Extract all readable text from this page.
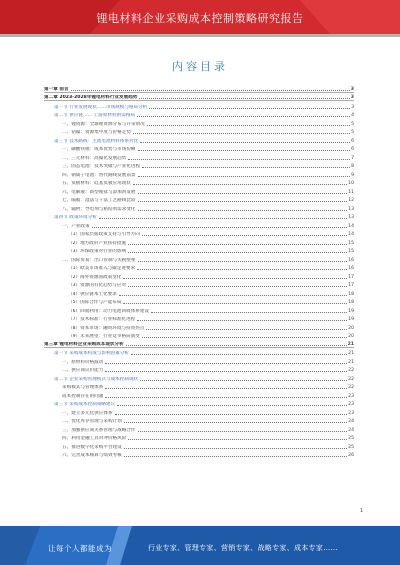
锂电材料企业采购成本控制策略研究报告
内容目录
第一章 前言	3
第二章 2023-2028年锂电材料行业发展趋势	3
第一节 行业发展现状……市场规模与格局分析	3
第二节 供应链…… 上游原材料供需格局	4
一、锂资源：全球锂资源分布与开采情况	5
二、钴镍：资源集中度与价格走势	5
第三节 技术路线：主流电池材料体系对比	6
一、磷酸铁锂：成本优势与市场份额	6
二、三元材料：高镍化发展趋势	7
三、固态电池：技术突破与产业化进程	8
四、钠离子电池：替代路线发展前景	9
五、负极材料：硅基负极应用现状	10
六、电解液：新型锂盐与添加剂发展	11
七、隔膜：湿法与干法工艺路线比较	12
八、辅材：导电剂与粘结剂需求变化	13
第四节 政策环境分析	13
一、产业政策	14
（1）国家层面政策支持与引导方向	14
（2）地方政府产业扶持措施	15
（3）环保政策对行业的影响	15
二、国际贸易：出口管制与关税壁垒	16
（1）欧美市场准入与碳足迹要求	16
（2）海外资源国政策变化	17
（3）资源国有化趋势与应对	17
（4）供应链本土化要求	18
（5）国际合作与产能布局	18
（6）回收利用：动力电池回收体系建设	19
（7）技术标准：行业标准化进程	19
（8）资本市场：融资环境与投资热点	20
（9）未来展望：行业竞争格局演变	20
第三章 锂电材料企业采购成本现状分析	21
第一节 采购成本构成与影响因素分析	21
一、原材料价格波动	21
二、供应商议价能力	22
第二节 企业采购管理模式与成本控制现状	22
采购模式与管理体系	22
成本控制存在的问题	23
第三节 采购成本控制策略建议	23
一、建立多元化供应体系	23
二、优化库存管理与采购计划	24
三、加强供应商关系管理与战略合作	24
四、利用金融工具对冲价格风险	25
五、推进数字化采购平台建设	25
六、完善成本核算与绩效考核	26
1
让每个人都能成为	行业专家、管理专家、营销专家、战略专家、成本专家……
